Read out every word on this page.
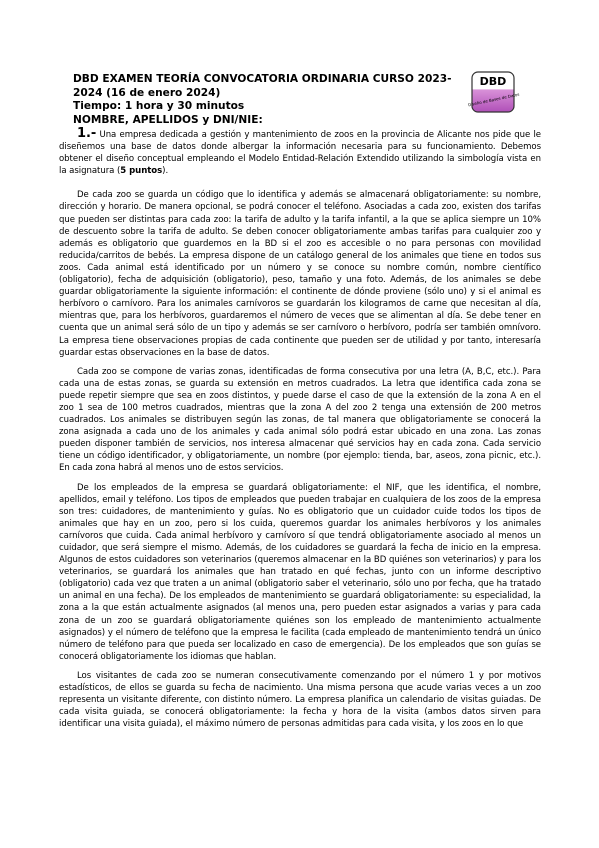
DBD EXAMEN TEORÍA CONVOCATORIA ORDINARIA CURSO 2023-
2024 (16 de enero 2024)
Tiempo: 1 hora y 30 minutos
NOMBRE, APELLIDOS y DNI/NIE:
DBD
Diseño de Bases de Datos

1.- Una empresa dedicada a gestión y mantenimiento de zoos en la provincia de Alicante nos pide que le diseñemos una base de datos donde albergar la información necesaria para su funcionamiento. Debemos obtener el diseño conceptual empleando el Modelo Entidad-Relación Extendido utilizando la simbología vista en la asignatura (5 puntos).

De cada zoo se guarda un código que lo identifica y además se almacenará obligatoriamente: su nombre, dirección y horario. De manera opcional, se podrá conocer el teléfono. Asociadas a cada zoo, existen dos tarifas que pueden ser distintas para cada zoo: la tarifa de adulto y la tarifa infantil, a la que se aplica siempre un 10% de descuento sobre la tarifa de adulto. Se deben conocer obligatoriamente ambas tarifas para cualquier zoo y además es obligatorio que guardemos en la BD si el zoo es accesible o no para personas con movilidad reducida/carritos de bebés. La empresa dispone de un catálogo general de los animales que tiene en todos sus zoos. Cada animal está identificado por un número y se conoce su nombre común, nombre científico (obligatorio), fecha de adquisición (obligatorio), peso, tamaño y una foto. Además, de los animales se debe guardar obligatoriamente la siguiente información: el continente de dónde proviene (sólo uno) y si el animal es herbívoro o carnívoro. Para los animales carnívoros se guardarán los kilogramos de carne que necesitan al día, mientras que, para los herbívoros, guardaremos el número de veces que se alimentan al día. Se debe tener en cuenta que un animal será sólo de un tipo y además se ser carnívoro o herbívoro, podría ser también omnívoro. La empresa tiene observaciones propias de cada continente que pueden ser de utilidad y por tanto, interesaría guardar estas observaciones en la base de datos.

Cada zoo se compone de varias zonas, identificadas de forma consecutiva por una letra (A, B,C, etc.). Para cada una de estas zonas, se guarda su extensión en metros cuadrados. La letra que identifica cada zona se puede repetir siempre que sea en zoos distintos, y puede darse el caso de que la extensión de la zona A en el zoo 1 sea de 100 metros cuadrados, mientras que la zona A del zoo 2 tenga una extensión de 200 metros cuadrados. Los animales se distribuyen según las zonas, de tal manera que obligatoriamente se conocerá la zona asignada a cada uno de los animales y cada animal sólo podrá estar ubicado en una zona. Las zonas pueden disponer también de servicios, nos interesa almacenar qué servicios hay en cada zona. Cada servicio tiene un código identificador, y obligatoriamente, un nombre (por ejemplo: tienda, bar, aseos, zona picnic, etc.). En cada zona habrá al menos uno de estos servicios.

De los empleados de la empresa se guardará obligatoriamente: el NIF, que les identifica, el nombre, apellidos, email y teléfono. Los tipos de empleados que pueden trabajar en cualquiera de los zoos de la empresa son tres: cuidadores, de mantenimiento y guías. No es obligatorio que un cuidador cuide todos los tipos de animales que hay en un zoo, pero si los cuida, queremos guardar los animales herbívoros y los animales carnívoros que cuida. Cada animal herbívoro y carnívoro sí que tendrá obligatoriamente asociado al menos un cuidador, que será siempre el mismo. Además, de los cuidadores se guardará la fecha de inicio en la empresa. Algunos de estos cuidadores son veterinarios (queremos almacenar en la BD quiénes son veterinarios) y para los veterinarios, se guardará los animales que han tratado en qué fechas, junto con un informe descriptivo (obligatorio) cada vez que traten a un animal (obligatorio saber el veterinario, sólo uno por fecha, que ha tratado un animal en una fecha). De los empleados de mantenimiento se guardará obligatoriamente: su especialidad, la zona a la que están actualmente asignados (al menos una, pero pueden estar asignados a varias y para cada zona de un zoo se guardará obligatoriamente quiénes son los empleado de mantenimiento actualmente asignados) y el número de teléfono que la empresa le facilita (cada empleado de mantenimiento tendrá un único número de teléfono para que pueda ser localizado en caso de emergencia). De los empleados que son guías se conocerá obligatoriamente los idiomas que hablan.

Los visitantes de cada zoo se numeran consecutivamente comenzando por el número 1 y por motivos estadísticos, de ellos se guarda su fecha de nacimiento. Una misma persona que acude varias veces a un zoo representa un visitante diferente, con distinto número. La empresa planifica un calendario de visitas guiadas. De cada visita guiada, se conocerá obligatoriamente: la fecha y hora de la visita (ambos datos sirven para identificar una visita guiada), el máximo número de personas admitidas para cada visita, y los zoos en lo que
